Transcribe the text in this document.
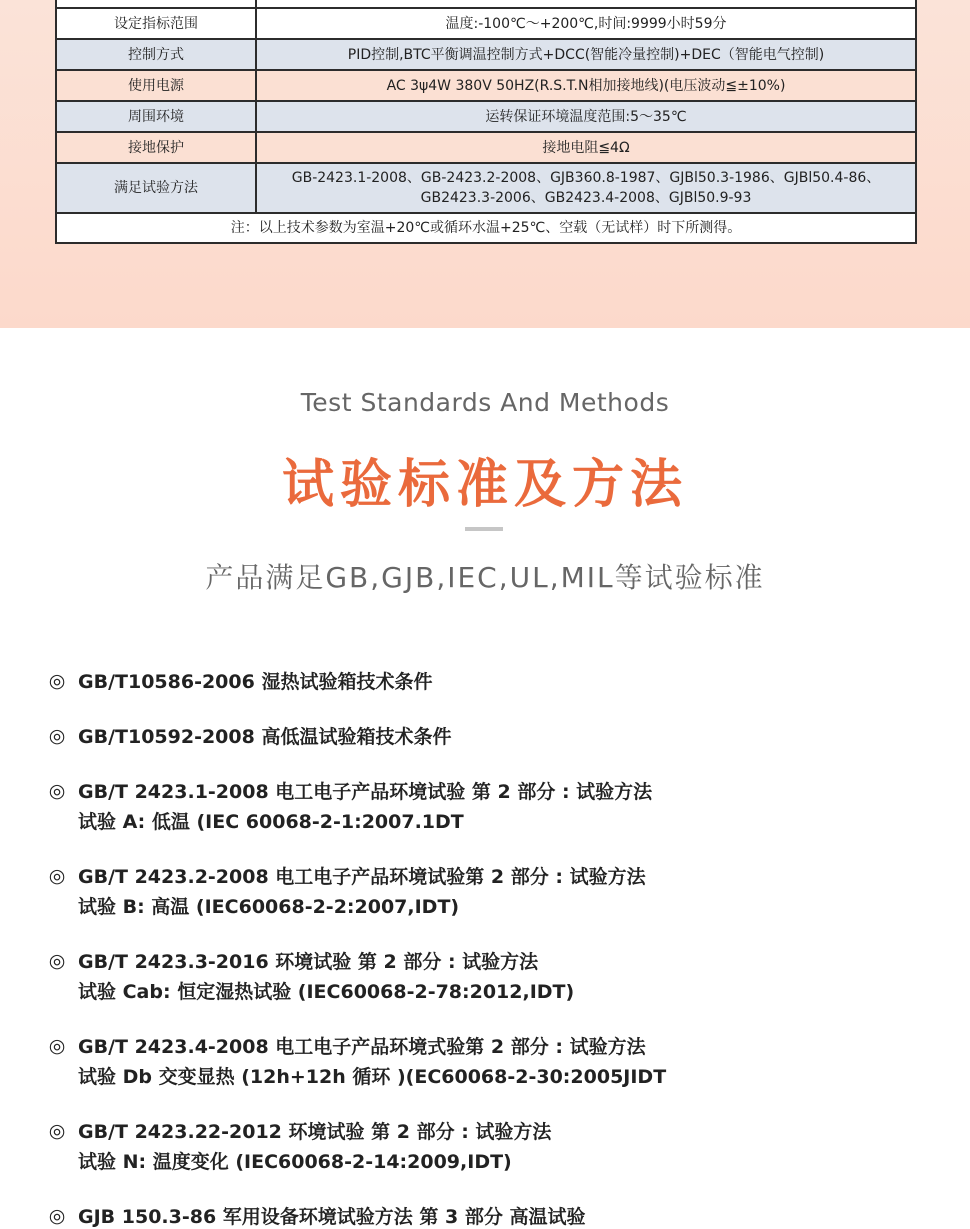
设定指标范围	温度:-100℃～+200℃,时间:9999小时59分
控制方式	PID控制,BTC平衡调温控制方式+DCC(智能冷量控制)+DEC（智能电气控制)
使用电源	AC 3ψ4W 380V 50HZ(R.S.T.N相加接地线)(电压波动≦±10%)
周围环境	运转保证环境温度范围:5～35℃
接地保护	接地电阻≦4Ω
满足试验方法	GB-2423.1-2008、GB-2423.2-2008、GJB360.8-1987、GJBl50.3-1986、GJBl50.4-86、
GB2423.3-2006、GB2423.4-2008、GJBl50.9-93

注：以上技术参数为室温+20℃或循环水温+25℃、空载（无试样）时下所测得。	
Test Standards And Methods
试验标准及方法
产品满足GB,GJB,IEC,UL,MIL等试验标准
◎ GB/T10586-2006 湿热试验箱技术条件
◎ GB/T10592-2008 高低温试验箱技术条件
◎ GB/T 2423.1-2008 电工电子产品环境试验 第 2 部分 : 试验方法
试验 A: 低温 (IEC 60068-2-1:2007.1DT
◎ GB/T 2423.2-2008 电工电子产品环境试验第 2 部分 : 试验方法
试验 B: 高温 (IEC60068-2-2:2007,IDT)
◎ GB/T 2423.3-2016 环境试验 第 2 部分 : 试验方法
试验 Cab: 恒定湿热试验 (IEC60068-2-78:2012,IDT)
◎ GB/T 2423.4-2008 电工电子产品环境式验第 2 部分 : 试验方法
试验 Db 交变显热 (12h+12h 循环 )(EC60068-2-30:2005JIDT
◎ GB/T 2423.22-2012 环境试验 第 2 部分 : 试验方法
试验 N: 温度变化 (IEC60068-2-14:2009,IDT)
◎ GJB 150.3-86 军用设备环境试验方法 第 3 部分 高温试验
